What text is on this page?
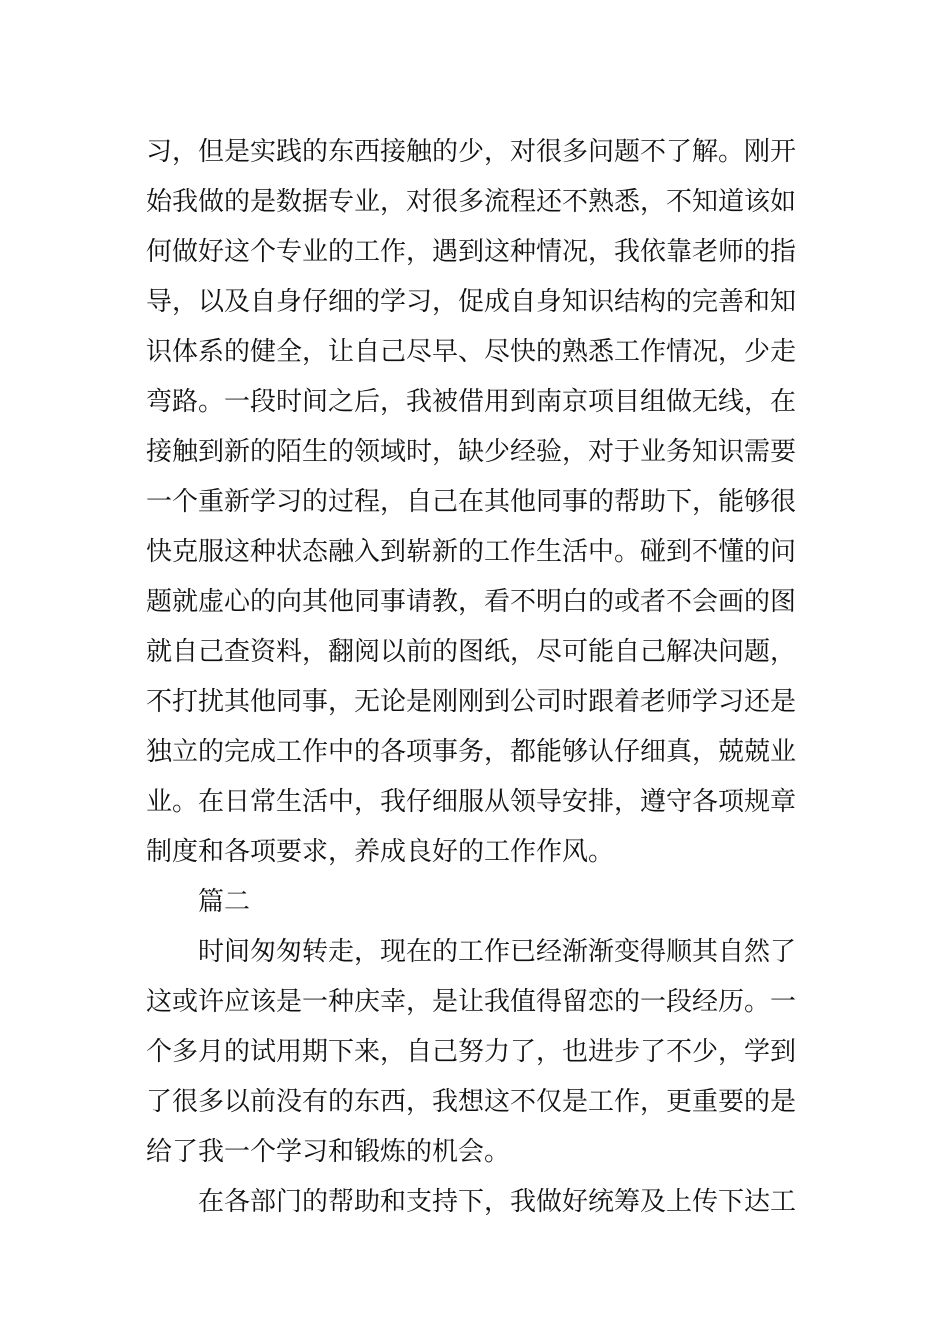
习，但是实践的东西接触的少，对很多问题不了解。刚开
始我做的是数据专业，对很多流程还不熟悉，不知道该如
何做好这个专业的工作，遇到这种情况，我依靠老师的指
导，以及自身仔细的学习，促成自身知识结构的完善和知
识体系的健全，让自己尽早、尽快的熟悉工作情况，少走
弯路。一段时间之后，我被借用到南京项目组做无线，在
接触到新的陌生的领域时，缺少经验，对于业务知识需要
一个重新学习的过程，自己在其他同事的帮助下，能够很
快克服这种状态融入到崭新的工作生活中。碰到不懂的问
题就虚心的向其他同事请教，看不明白的或者不会画的图
就自己查资料，翻阅以前的图纸，尽可能自己解决问题，
不打扰其他同事，无论是刚刚到公司时跟着老师学习还是
独立的完成工作中的各项事务，都能够认仔细真，兢兢业
业。在日常生活中，我仔细服从领导安排，遵守各项规章
制度和各项要求，养成良好的工作作风。

篇二

时间匆匆转走，现在的工作已经渐渐变得顺其自然了
这或许应该是一种庆幸，是让我值得留恋的一段经历。一
个多月的试用期下来，自己努力了，也进步了不少，学到
了很多以前没有的东西，我想这不仅是工作，更重要的是
给了我一个学习和锻炼的机会。

在各部门的帮助和支持下，我做好统筹及上传下达工
